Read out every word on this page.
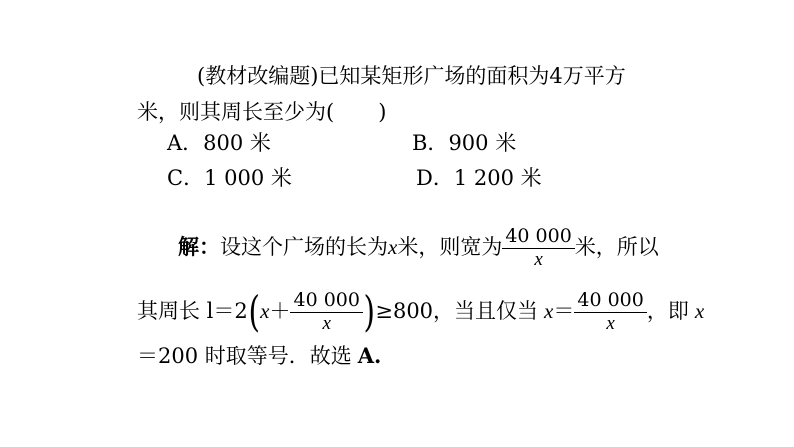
(教材改编题)已知某矩形广场的面积为4万平方
米，则其周长至少为( )
A．800 米	B．900 米
C．1 000 米	D．1 200 米
解：设这个广场的长为x米，则宽为 $\frac{40 000}{x}$ 米，所以
其周长 $l=2(x+ \frac{40 000}{x} )\ge 800$，当且仅当 $x= \frac{40 000}{x}$ ，即 x
＝200 时取等号．故选 A.
